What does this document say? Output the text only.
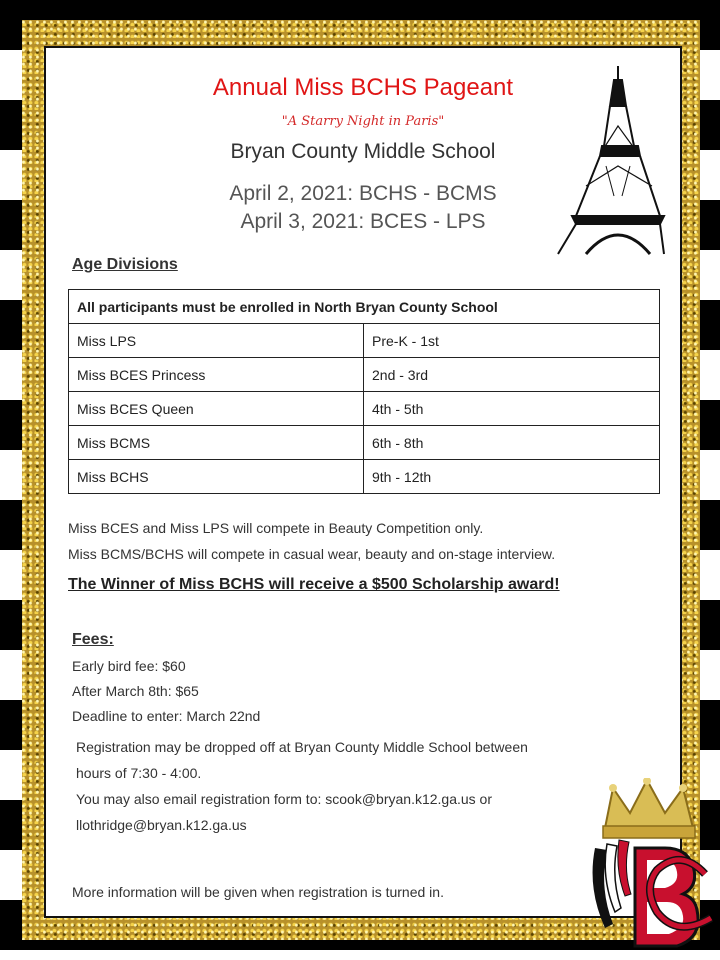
Annual Miss BCHS Pageant
"A Starry Night in Paris"
Bryan County Middle School
April 2, 2021: BCHS - BCMS
April 3, 2021: BCES - LPS
Age Divisions
All participants must be enrolled in North Bryan County School	
Miss LPS	Pre-K - 1st
Miss BCES Princess	2nd - 3rd
Miss BCES Queen	4th - 5th
Miss BCMS	6th - 8th
Miss BCHS	9th - 12th
Miss BCES and Miss LPS will compete in Beauty Competition only.
Miss BCMS/BCHS will compete in casual wear, beauty and on-stage interview.
The Winner of Miss BCHS will receive a $500 Scholarship award!
Fees:
Early bird fee: $60
After March 8th: $65
Deadline to enter: March 22nd
Registration may be dropped off at Bryan County Middle School between
hours of 7:30 - 4:00.
You may also email registration form to: scook@bryan.k12.ga.us or
llothridge@bryan.k12.ga.us
More information will be given when registration is turned in.
